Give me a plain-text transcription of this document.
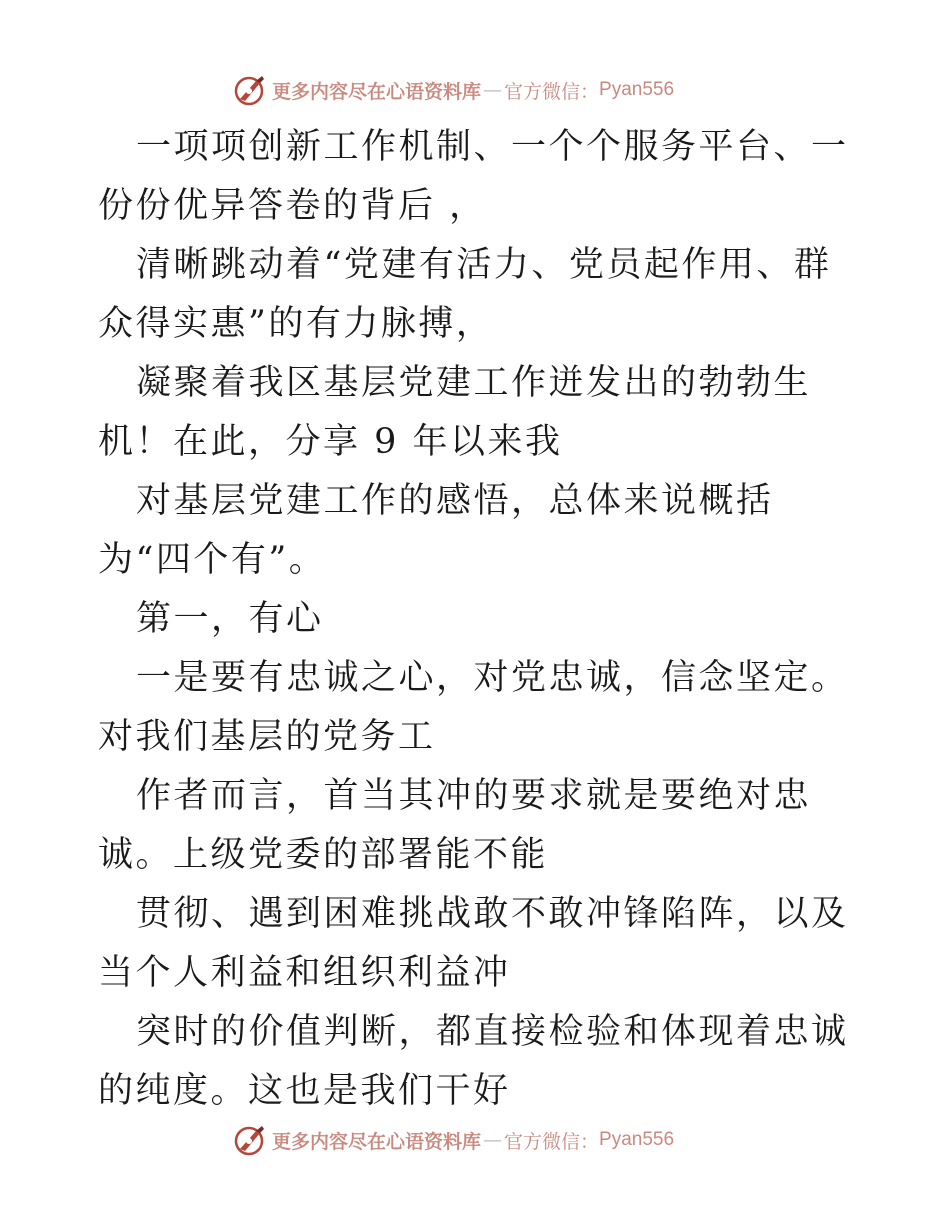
更多内容尽在心语资料库 — 官方微信： Pyan556

一项项创新工作机制、一个个服务平台、一份份优异答卷的背后 ，

清晰跳动着“党建有活力、党员起作用、群众得实惠”的有力脉搏，

凝聚着我区基层党建工作迸发出的勃勃生机！在此，分享 9 年以来我

对基层党建工作的感悟，总体来说概括为“四个有”。

第一，有心

一是要有忠诚之心，对党忠诚，信念坚定。对我们基层的党务工

作者而言，首当其冲的要求就是要绝对忠诚。上级党委的部署能不能

贯彻、遇到困难挑战敢不敢冲锋陷阵，以及当个人利益和组织利益冲

突时的价值判断，都直接检验和体现着忠诚的纯度。这也是我们干好

更多内容尽在心语资料库 — 官方微信： Pyan556
